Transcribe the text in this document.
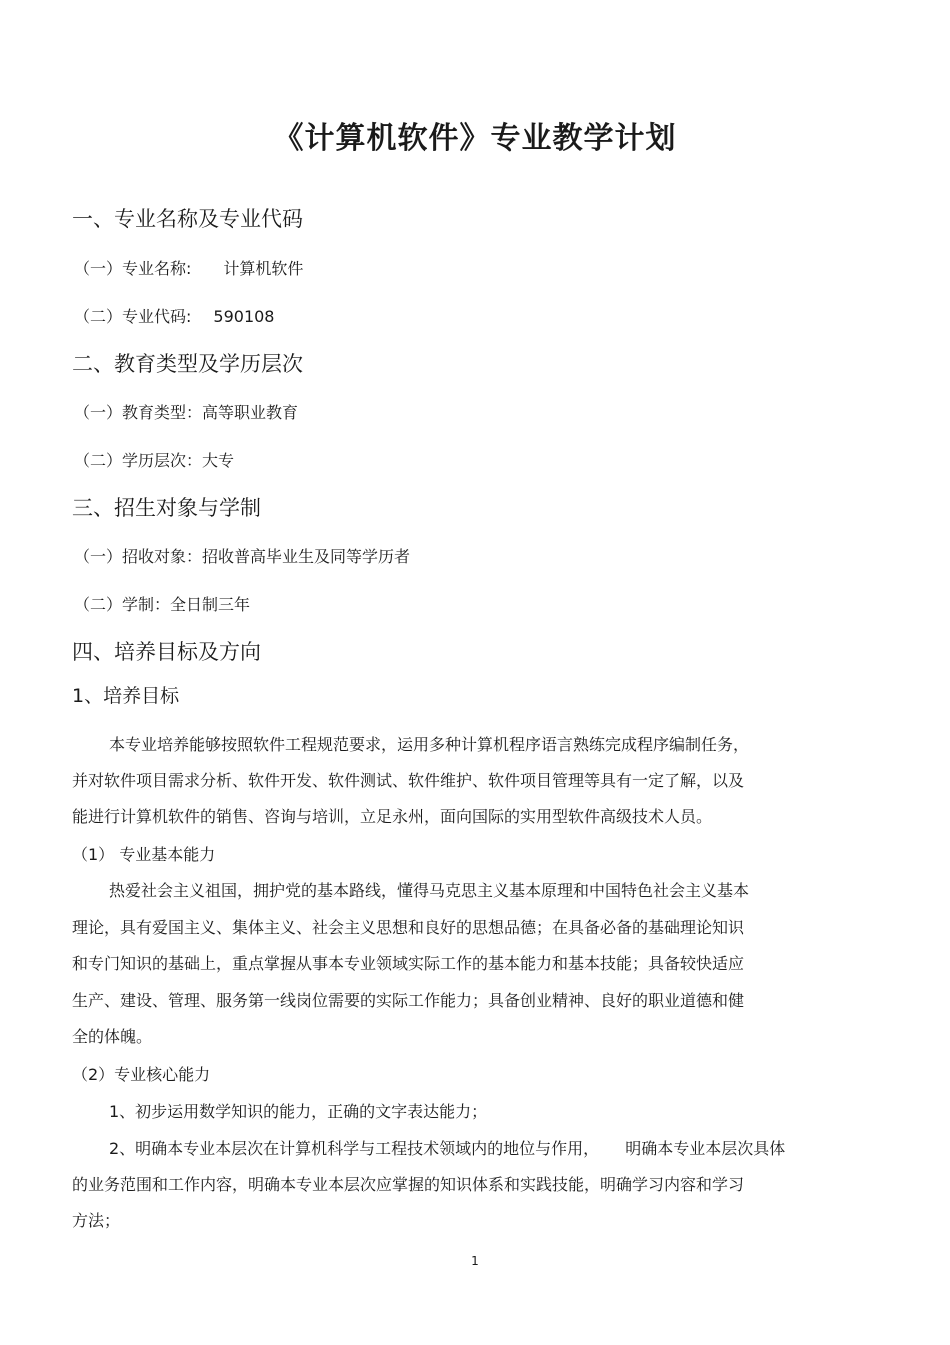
《计算机软件》专业教学计划
一、专业名称及专业代码
（一）专业名称: 计算机软件
（二）专业代码: 590108
二、教育类型及学历层次
（一）教育类型：高等职业教育
（二）学历层次：大专
三、招生对象与学制
（一）招收对象：招收普高毕业生及同等学历者
（二）学制：全日制三年
四、培养目标及方向
1、培养目标
本专业培养能够按照软件工程规范要求，运用多种计算机程序语言熟练完成程序编制任务，
并对软件项目需求分析、软件开发、软件测试、软件维护、软件项目管理等具有一定了解，以及
能进行计算机软件的销售、咨询与培训，立足永州，面向国际的实用型软件高级技术人员。
（1） 专业基本能力
热爱社会主义祖国，拥护党的基本路线，懂得马克思主义基本原理和中国特色社会主义基本
理论，具有爱国主义、集体主义、社会主义思想和良好的思想品德；在具备必备的基础理论知识
和专门知识的基础上，重点掌握从事本专业领域实际工作的基本能力和基本技能；具备较快适应
生产、建设、管理、服务第一线岗位需要的实际工作能力；具备创业精神、良好的职业道德和健
全的体魄。
（2）专业核心能力
1、初步运用数学知识的能力，正确的文字表达能力；
2、明确本专业本层次在计算机科学与工程技术领域内的地位与作用， 明确本专业本层次具体
的业务范围和工作内容，明确本专业本层次应掌握的知识体系和实践技能，明确学习内容和学习
方法；
1
